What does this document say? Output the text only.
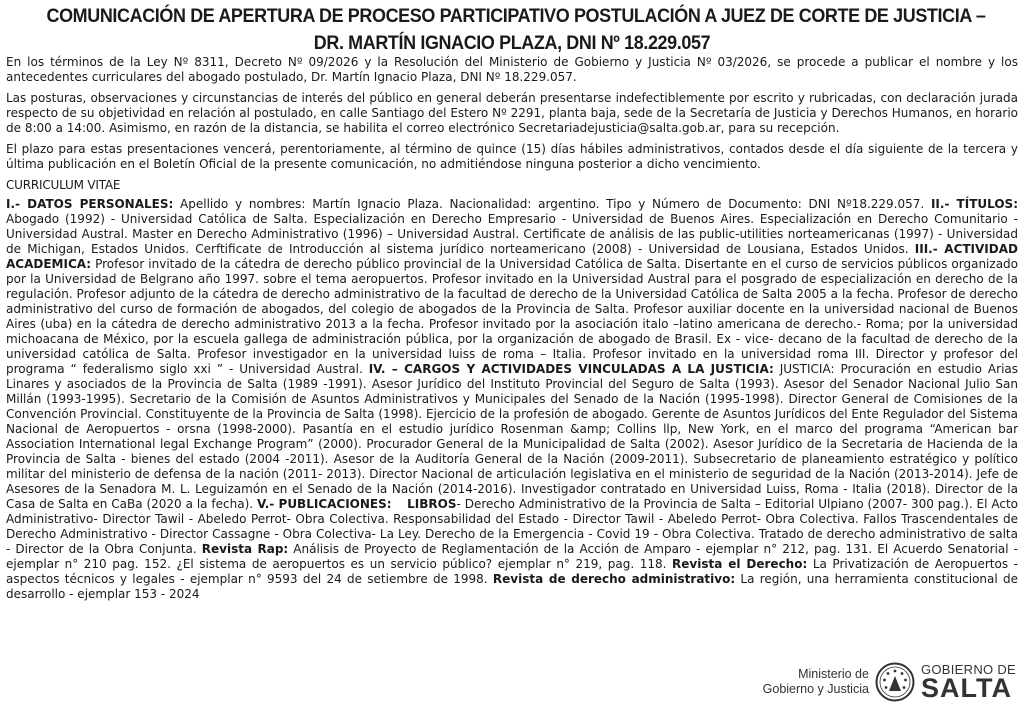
COMUNICACIÓN DE APERTURA DE PROCESO PARTICIPATIVO POSTULACIÓN A JUEZ DE CORTE DE JUSTICIA –
DR. MARTÍN IGNACIO PLAZA, DNI Nº 18.229.057

En los términos de la Ley Nº 8311, Decreto Nº 09/2026 y la Resolución del Ministerio de Gobierno y Justicia Nº 03/2026, se procede a publicar el nombre y los antecedentes curriculares del abogado postulado, Dr. Martín Ignacio Plaza, DNI Nº 18.229.057.

Las posturas, observaciones y circunstancias de interés del público en general deberán presentarse indefectiblemente por escrito y rubricadas, con declaración jurada respecto de su objetividad en relación al postulado, en calle Santiago del Estero Nº 2291, planta baja, sede de la Secretaría de Justicia y Derechos Humanos, en horario de 8:00 a 14:00. Asimismo, en razón de la distancia, se habilita el correo electrónico Secretariadejusticia@salta.gob.ar, para su recepción.

El plazo para estas presentaciones vencerá, perentoriamente, al término de quince (15) días hábiles administrativos, contados desde el día siguiente de la tercera y última publicación en el Boletín Oficial de la presente comunicación, no admitiéndose ninguna posterior a dicho vencimiento.

CURRICULUM VITAE

I.- DATOS PERSONALES: Apellido y nombres: Martín Ignacio Plaza. Nacionalidad: argentino. Tipo y Número de Documento: DNI Nº18.229.057. II.- TÍTULOS: Abogado (1992) - Universidad Católica de Salta. Especialización en Derecho Empresario - Universidad de Buenos Aires. Especialización en Derecho Comunitario - Universidad Austral. Master en Derecho Administrativo (1996) – Universidad Austral. Certificate de análisis de las public-utilities norteamericanas (1997) - Universidad de Michigan, Estados Unidos. Cerftificate de Introducción al sistema jurídico norteamericano (2008) - Universidad de Lousiana, Estados Unidos. III.- ACTIVIDAD ACADEMICA: Profesor invitado de la cátedra de derecho público provincial de la Universidad Católica de Salta. Disertante en el curso de servicios públicos organizado por la Universidad de Belgrano año 1997. sobre el tema aeropuertos. Profesor invitado en la Universidad Austral para el posgrado de especialización en derecho de la regulación. Profesor adjunto de la cátedra de derecho administrativo de la facultad de derecho de la Universidad Católica de Salta 2005 a la fecha. Profesor de derecho administrativo del curso de formación de abogados, del colegio de abogados de la Provincia de Salta. Profesor auxiliar docente en la universidad nacional de Buenos Aires (uba) en la cátedra de derecho administrativo 2013 a la fecha. Profesor invitado por la asociación italo –latino americana de derecho.- Roma; por la universidad michoacana de México, por la escuela gallega de administración pública, por la organización de abogado de Brasil. Ex - vice- decano de la facultad de derecho de la universidad católica de Salta. Profesor investigador en la universidad luiss de roma – Italia. Profesor invitado en la universidad roma III. Director y profesor del programa “ federalismo siglo xxi ” - Universidad Austral. IV. – CARGOS Y ACTIVIDADES VINCULADAS A LA JUSTICIA: JUSTICIA: Procuración en estudio Arias Linares y asociados de la Provincia de Salta (1989 -1991). Asesor Jurídico del Instituto Provincial del Seguro de Salta (1993). Asesor del Senador Nacional Julio San Millán (1993-1995). Secretario de la Comisión de Asuntos Administrativos y Municipales del Senado de la Nación (1995-1998). Director General de Comisiones de la Convención Provincial. Constituyente de la Provincia de Salta (1998). Ejercicio de la profesión de abogado. Gerente de Asuntos Jurídicos del Ente Regulador del Sistema Nacional de Aeropuertos - orsna (1998-2000). Pasantía en el estudio jurídico Rosenman &amp; Collins llp, New York, en el marco del programa “American bar Association International legal Exchange Program” (2000). Procurador General de la Municipalidad de Salta (2002). Asesor Jurídico de la Secretaria de Hacienda de la Provincia de Salta - bienes del estado (2004 -2011). Asesor de la Auditoría General de la Nación (2009-2011). Subsecretario de planeamiento estratégico y político militar del ministerio de defensa de la nación (2011- 2013). Director Nacional de articulación legislativa en el ministerio de seguridad de la Nación (2013-2014). Jefe de Asesores de la Senadora M. L. Leguizamón en el Senado de la Nación (2014-2016). Investigador contratado en Universidad Luiss, Roma - Italia (2018). Director de la Casa de Salta en CaBa (2020 a la fecha). V.- PUBLICACIONES: LIBROS- Derecho Administrativo de la Provincia de Salta – Editorial Ulpiano (2007- 300 pag.). El Acto Administrativo- Director Tawil - Abeledo Perrot- Obra Colectiva. Responsabilidad del Estado - Director Tawil - Abeledo Perrot- Obra Colectiva. Fallos Trascendentales de Derecho Administrativo - Director Cassagne - Obra Colectiva- La Ley. Derecho de la Emergencia - Covid 19 - Obra Colectiva. Tratado de derecho administrativo de salta - Director de la Obra Conjunta. Revista Rap: Análisis de Proyecto de Reglamentación de la Acción de Amparo - ejemplar n° 212, pag. 131. El Acuerdo Senatorial - ejemplar n° 210 pag. 152. ¿El sistema de aeropuertos es un servicio público? ejemplar n° 219, pag. 118. Revista el Derecho: La Privatización de Aeropuertos - aspectos técnicos y legales - ejemplar n° 9593 del 24 de setiembre de 1998. Revista de derecho administrativo: La región, una herramienta constitucional de desarrollo - ejemplar 153 - 2024

Ministerio de
Gobierno y Justicia
GOBIERNO DE
SALTA
